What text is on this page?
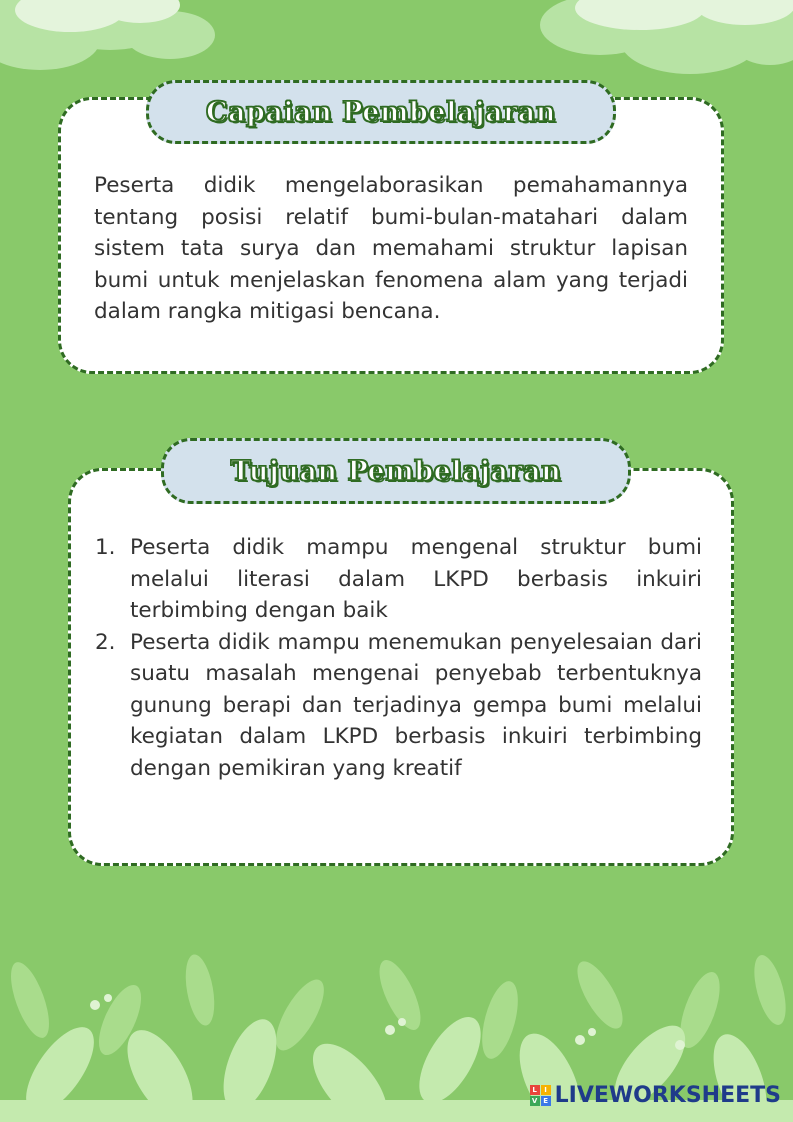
Capaian Pembelajaran

Peserta didik mengelaborasikan pemahamannya tentang posisi relatif bumi-bulan-matahari dalam sistem tata surya dan memahami struktur lapisan bumi untuk menjelaskan fenomena alam yang terjadi dalam rangka mitigasi bencana.

Tujuan Pembelajaran
1. Peserta didik mampu mengenal struktur bumi melalui literasi dalam LKPD berbasis inkuiri terbimbing dengan baik
2. Peserta didik mampu menemukan penyelesaian dari suatu masalah mengenai penyebab terbentuknya gunung berapi dan terjadinya gempa bumi melalui kegiatan dalam LKPD berbasis inkuiri terbimbing dengan pemikiran yang kreatif
L	I
V E LIVEWORKSHEETS
